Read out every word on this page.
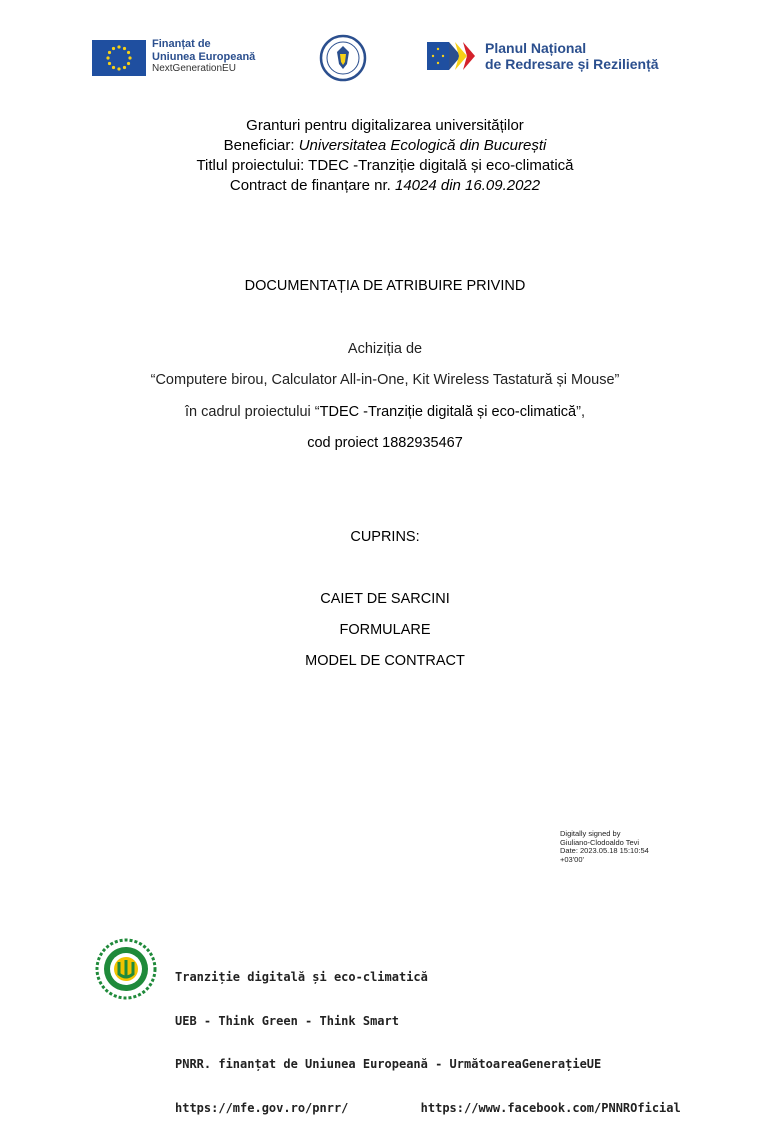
Finanțat de
Uniunea Europeană
NextGenerationEU
Planul Național
de Redresare și Reziliență
Granturi pentru digitalizarea universităților
Beneficiar: Universitatea Ecologică din București
Titlul proiectului: TDEC -Tranziție digitală și eco-climatică
Contract de finanțare nr. 14024 din 16.09.2022
DOCUMENTAȚIA DE ATRIBUIRE PRIVIND
Achiziția de
“Computere birou, Calculator All-in-One, Kit Wireless Tastatură și Mouse”
în cadrul proiectului “TDEC -Tranziție digitală și eco-climatică”,
cod proiect 1882935467
CUPRINS:
CAIET DE SARCINI
FORMULARE
MODEL DE CONTRACT
Digitally signed by
Giuliano-Clodoaldo Tevi
Date: 2023.05.18 15:10:54
+03'00'

Tranziție digitală și eco-climatică

UEB - Think Green - Think Smart

PNRR. finanțat de Uniunea Europeană - UrmătoareaGenerațieUE

https://mfe.gov.ro/pnrr/	https://www.facebook.com/PNNROficial
